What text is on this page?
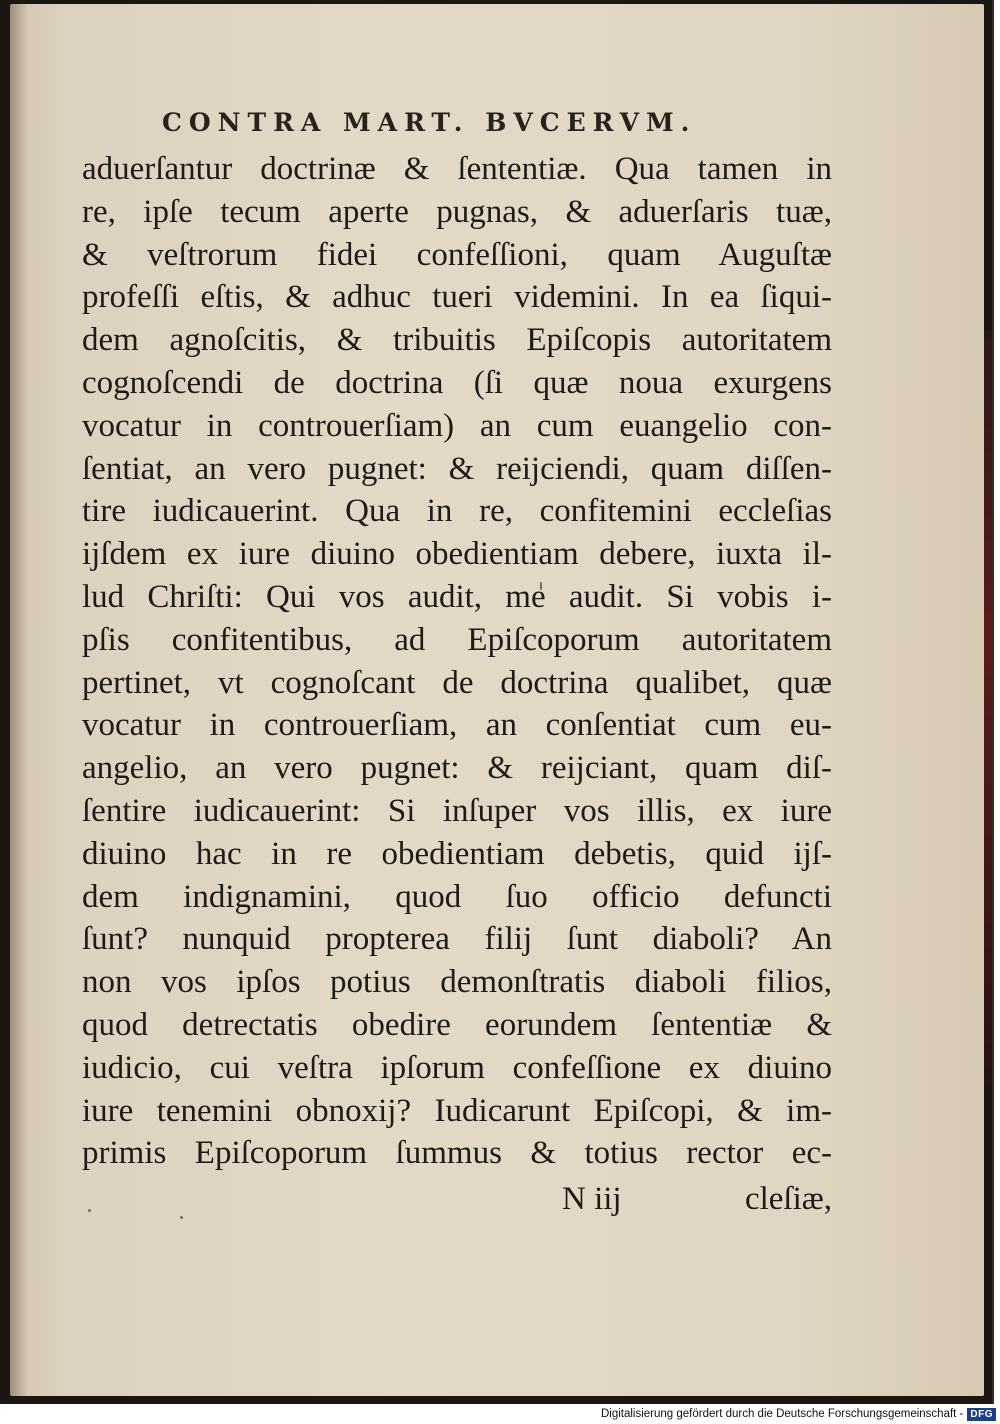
CONTRA MART. BVCERVM.
aduerſantur doctrinæ & ſententiæ. Qua tamen in
re, ipſe tecum aperte pugnas, & aduerſaris tuæ,
& veſtrorum fidei confeſſioni, quam Auguſtæ
profeſſi eſtis, & adhuc tueri videmini. In ea ſiqui-
dem agnoſcitis, & tribuitis Epiſcopis autoritatem
cognoſcendi de doctrina (ſi quæ noua exurgens
vocatur in controuerſiam) an cum euangelio con-
ſentiat, an vero pugnet: & reijciendi, quam diſſen-
tire iudicauerint. Qua in re, confitemini eccleſias
ijſdem ex iure diuino obedientiam debere, iuxta il-
lud Chriſti: Qui vos audit, me audit. Si vobis i-
pſis confitentibus, ad Epiſcoporum autoritatem
pertinet, vt cognoſcant de doctrina qualibet, quæ
vocatur in controuerſiam, an conſentiat cum eu-
angelio, an vero pugnet: & reijciant, quam diſ-
ſentire iudicauerint: Si inſuper vos illis, ex iure
diuino hac in re obedientiam debetis, quid ijſ-
dem indignamini, quod ſuo officio defuncti
ſunt? nunquid propterea filij ſunt diaboli? An
non vos ipſos potius demonſtratis diaboli filios,
quod detrectatis obedire eorundem ſententiæ &
iudicio, cui veſtra ipſorum confeſſione ex diuino
iure tenemini obnoxij? Iudicarunt Epiſcopi, & im-
primis Epiſcoporum ſummus & totius rector ec-
N iij	cleſiæ,
Digitalisierung gefördert durch die Deutsche Forschungsgemeinschaft - DFG
